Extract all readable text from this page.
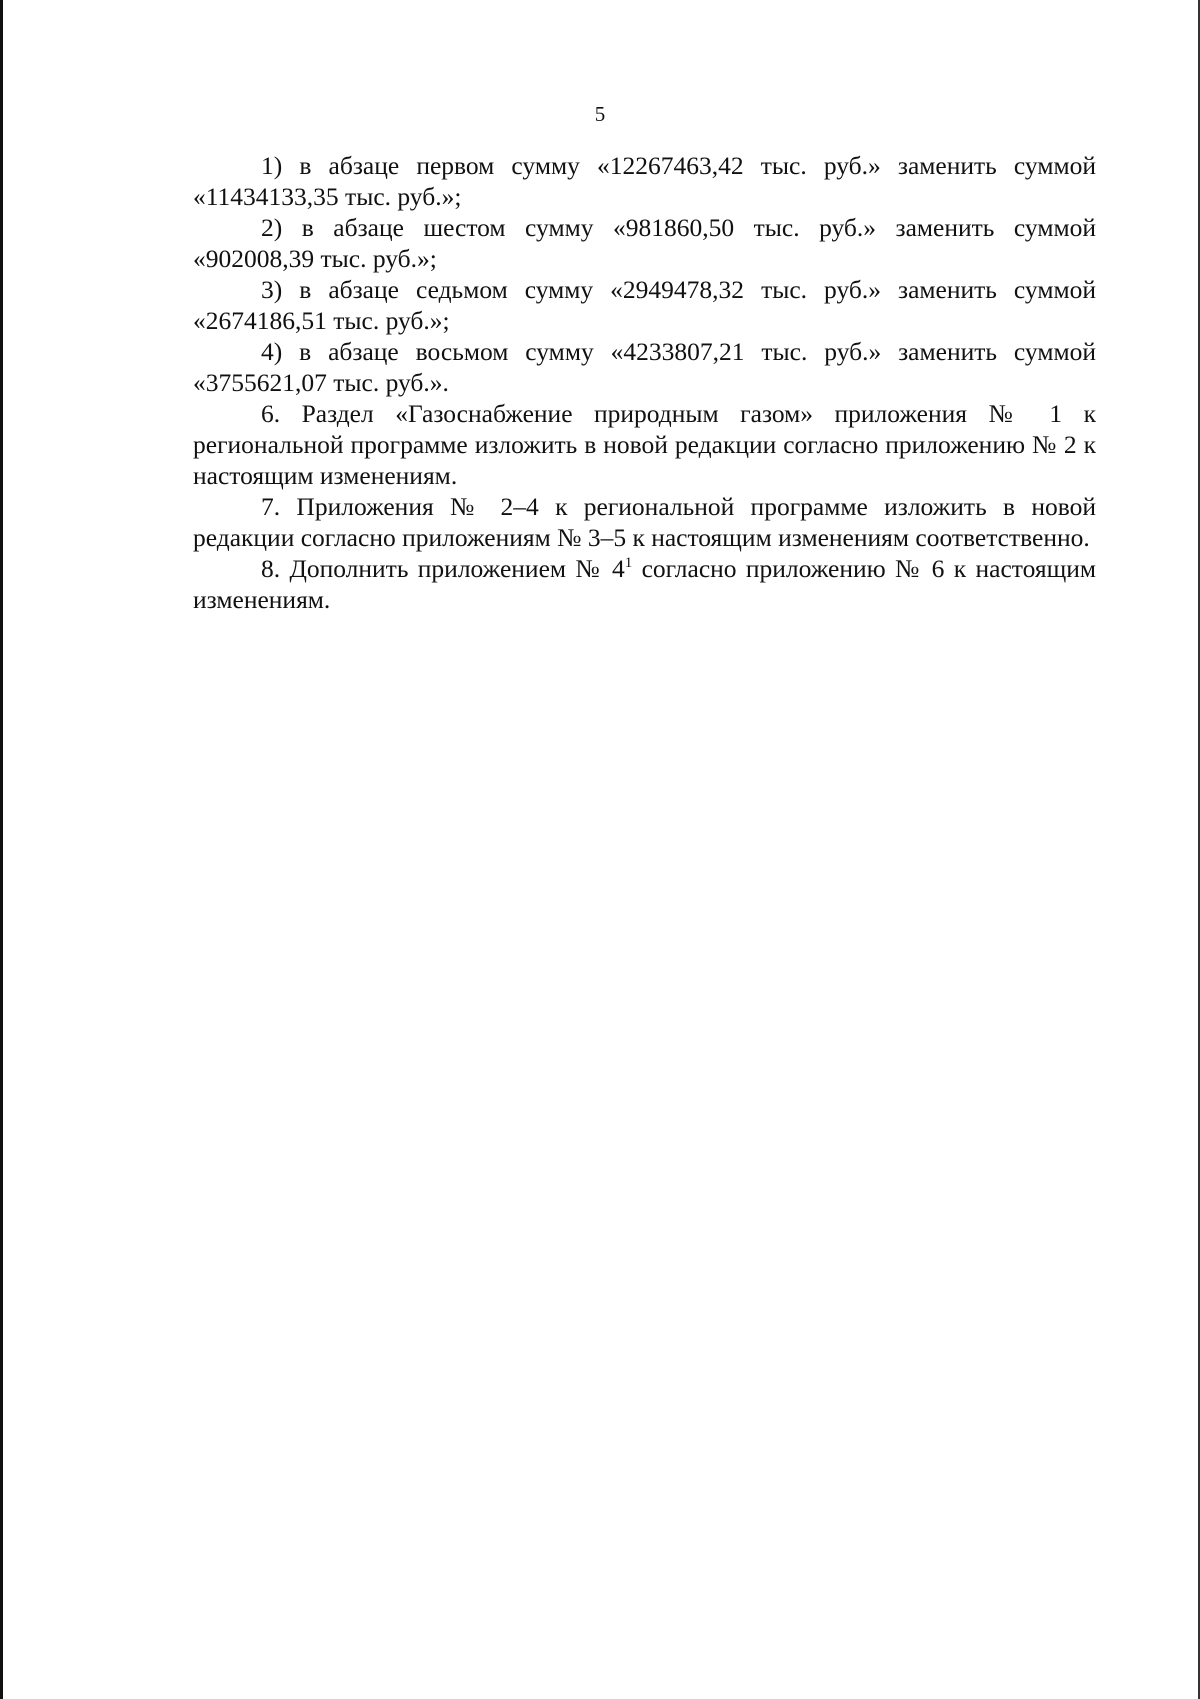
5

1) в абзаце первом сумму «12267463,42 тыс. руб.» заменить суммой «11434133,35 тыс. руб.»;

2) в абзаце шестом сумму «981860,50 тыс. руб.» заменить суммой «902008,39 тыс. руб.»;

3) в абзаце седьмом сумму «2949478,32 тыс. руб.» заменить суммой «2674186,51 тыс. руб.»;

4) в абзаце восьмом сумму «4233807,21 тыс. руб.» заменить суммой «3755621,07 тыс. руб.».

6. Раздел «Газоснабжение природным газом» приложения № 1 к региональной программе изложить в новой редакции согласно приложению № 2 к настоящим изменениям.

7. Приложения № 2–4 к региональной программе изложить в новой редакции согласно приложениям № 3–5 к настоящим изменениям соответственно.

8. Дополнить приложением № $4^1$ согласно приложению № 6 к настоящим изменениям.
